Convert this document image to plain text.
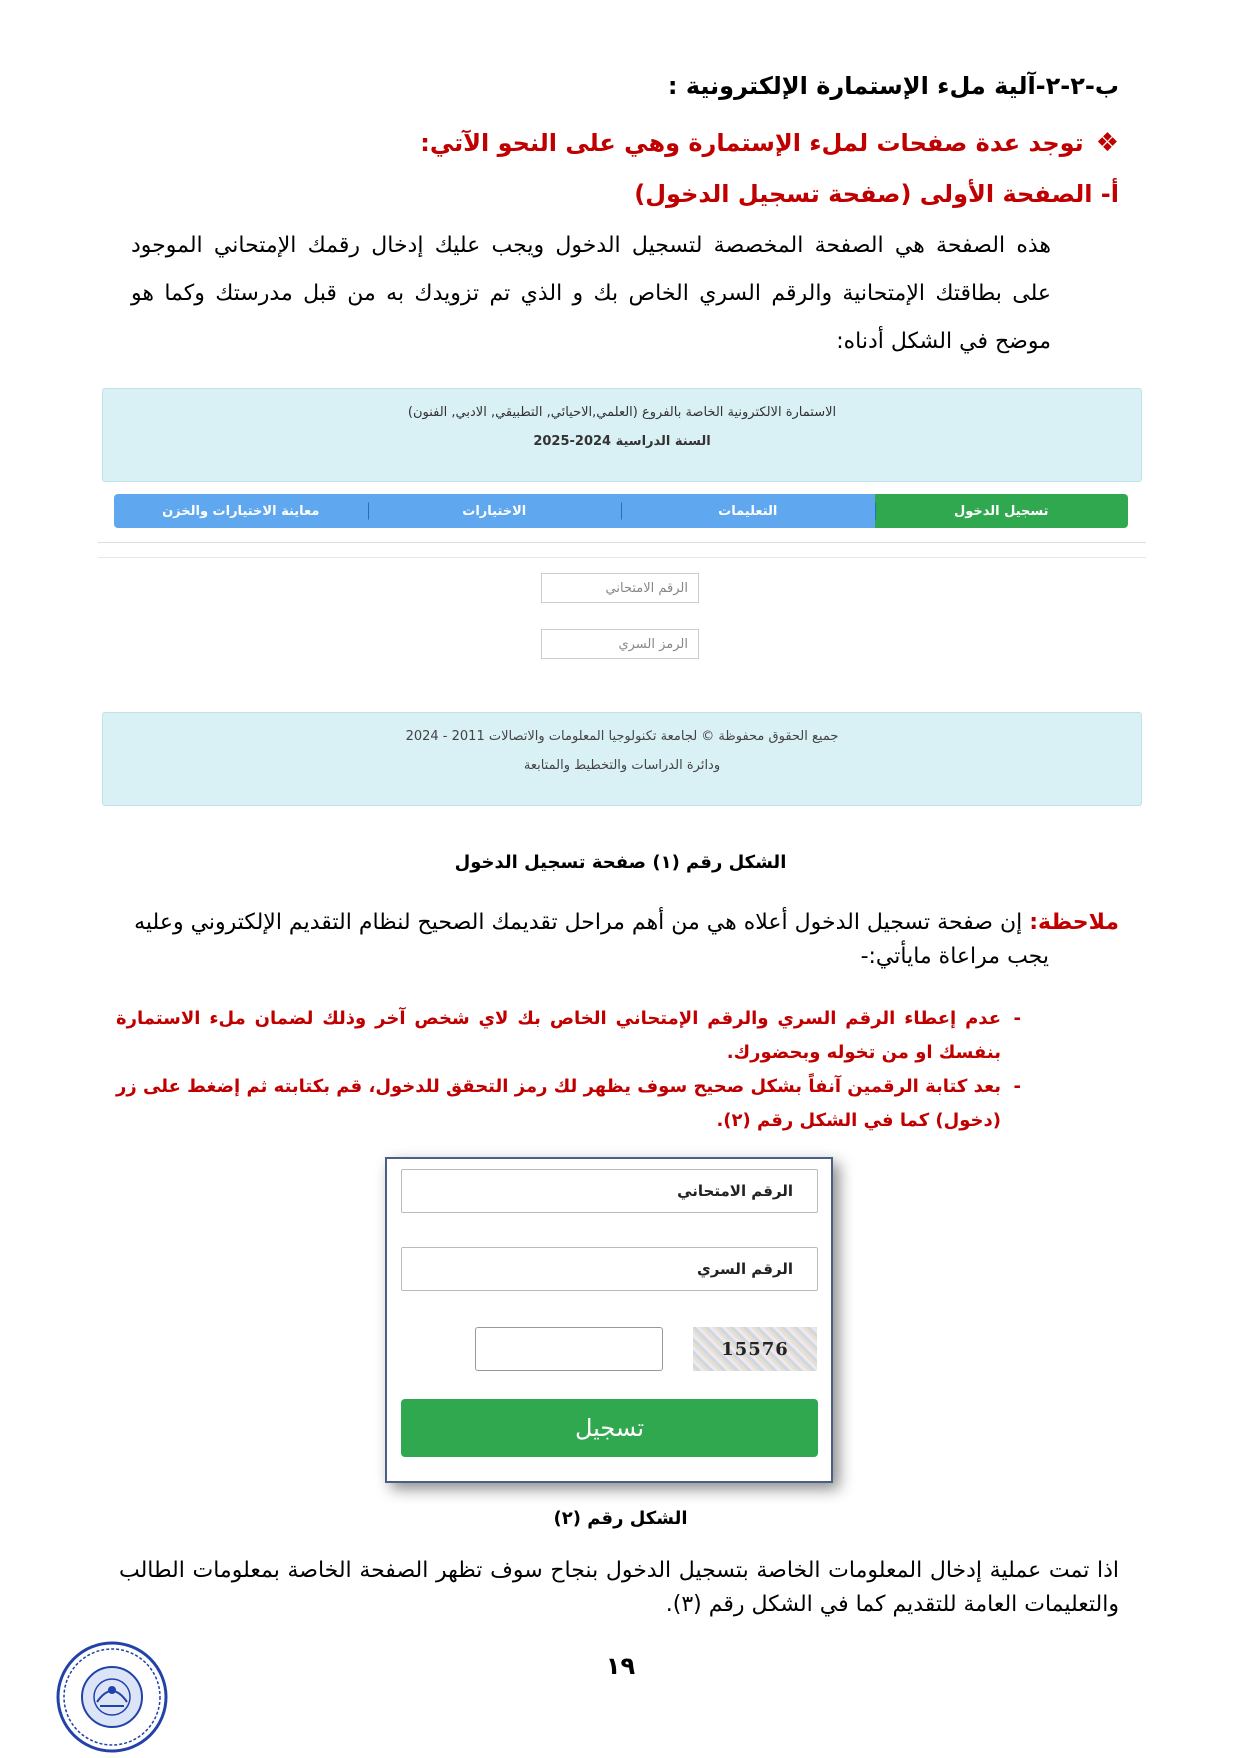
ب-٢-٢-آلية ملء الإستمارة الإلكترونية :
❖
توجد عدة صفحات لملء الإستمارة وهي على النحو الآتي:
أ- الصفحة الأولى (صفحة تسجيل الدخول)
هذه الصفحة هي الصفحة المخصصة لتسجيل الدخول ويجب عليك إدخال رقمك الإمتحاني الموجود
على بطاقتك الإمتحانية والرقم السري الخاص بك و الذي تم تزويدك به من قبل مدرستك وكما هو
موضح في الشكل أدناه:
الاستمارة الالكترونية الخاصة بالفروع (العلمي,الاحيائي, التطبيقي, الادبي, الفنون)
السنة الدراسية 2024-2025
تسجيل الدخول
التعليمات
الاختيارات
معاينة الاختيارات والخزن
الرقم الامتحاني
الرمز السري
جميع الحقوق محفوظة © لجامعة تكنولوجيا المعلومات والاتصالات 2011 - 2024
ودائرة الدراسات والتخطيط والمتابعة
الشكل رقم (١) صفحة تسجيل الدخول
ملاحظة: إن صفحة تسجيل الدخول أعلاه هي من أهم مراحل تقديمك الصحيح لنظام التقديم الإلكتروني وعليه
يجب مراعاة مايأتي:-
-
عدم إعطاء الرقم السري والرقم الإمتحاني الخاص بك لاي شخص آخر وذلك لضمان ملء الاستمارة بنفسك او من تخوله وبحضورك.
-
بعد كتابة الرقمين آنفاً بشكل صحيح سوف يظهر لك رمز التحقق للدخول، قم بكتابته ثم إضغط على زر (دخول) كما في الشكل رقم (٢).
الرقم الامتحاني
الرقم السري
15576
تسجيل
الشكل رقم (٢)
اذا تمت عملية إدخال المعلومات الخاصة بتسجيل الدخول بنجاح سوف تظهر الصفحة الخاصة بمعلومات الطالب والتعليمات العامة للتقديم كما في الشكل رقم (٣).
١٩
